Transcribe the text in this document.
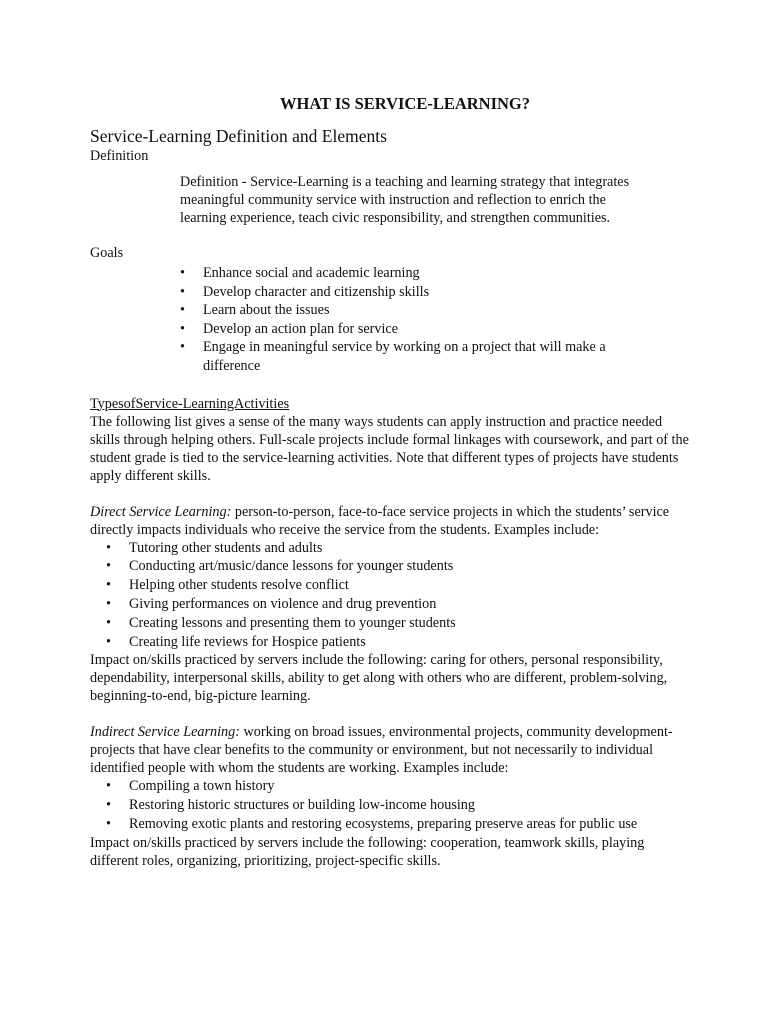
WHAT IS SERVICE-LEARNING?
Service-Learning Definition and Elements
Definition
Definition - Service-Learning is a teaching and learning strategy that integrates meaningful community service with instruction and reflection to enrich the learning experience, teach civic responsibility, and strengthen communities.
Goals
• Enhance social and academic learning
• Develop character and citizenship skills
• Learn about the issues
• Develop an action plan for service
• Engage in meaningful service by working on a project that will make a difference
TypesofService-LearningActivities

The following list gives a sense of the many ways students can apply instruction and practice needed skills through helping others. Full-scale projects include formal linkages with coursework, and part of the student grade is tied to the service-learning activities. Note that different types of projects have students apply different skills.

Direct Service Learning: person-to-person, face-to-face service projects in which the students’ service directly impacts individuals who receive the service from the students. Examples include:

• Tutoring other students and adults
• Conducting art/music/dance lessons for younger students
• Helping other students resolve conflict
• Giving performances on violence and drug prevention
• Creating lessons and presenting them to younger students
• Creating life reviews for Hospice patients

Impact on/skills practiced by servers include the following: caring for others, personal responsibility, dependability, interpersonal skills, ability to get along with others who are different, problem-solving, beginning-to-end, big-picture learning.

Indirect Service Learning: working on broad issues, environmental projects, community development-projects that have clear benefits to the community or environment, but not necessarily to individual identified people with whom the students are working. Examples include:

• Compiling a town history
• Restoring historic structures or building low-income housing
• Removing exotic plants and restoring ecosystems, preparing preserve areas for public use

Impact on/skills practiced by servers include the following: cooperation, teamwork skills, playing different roles, organizing, prioritizing, project-specific skills.
